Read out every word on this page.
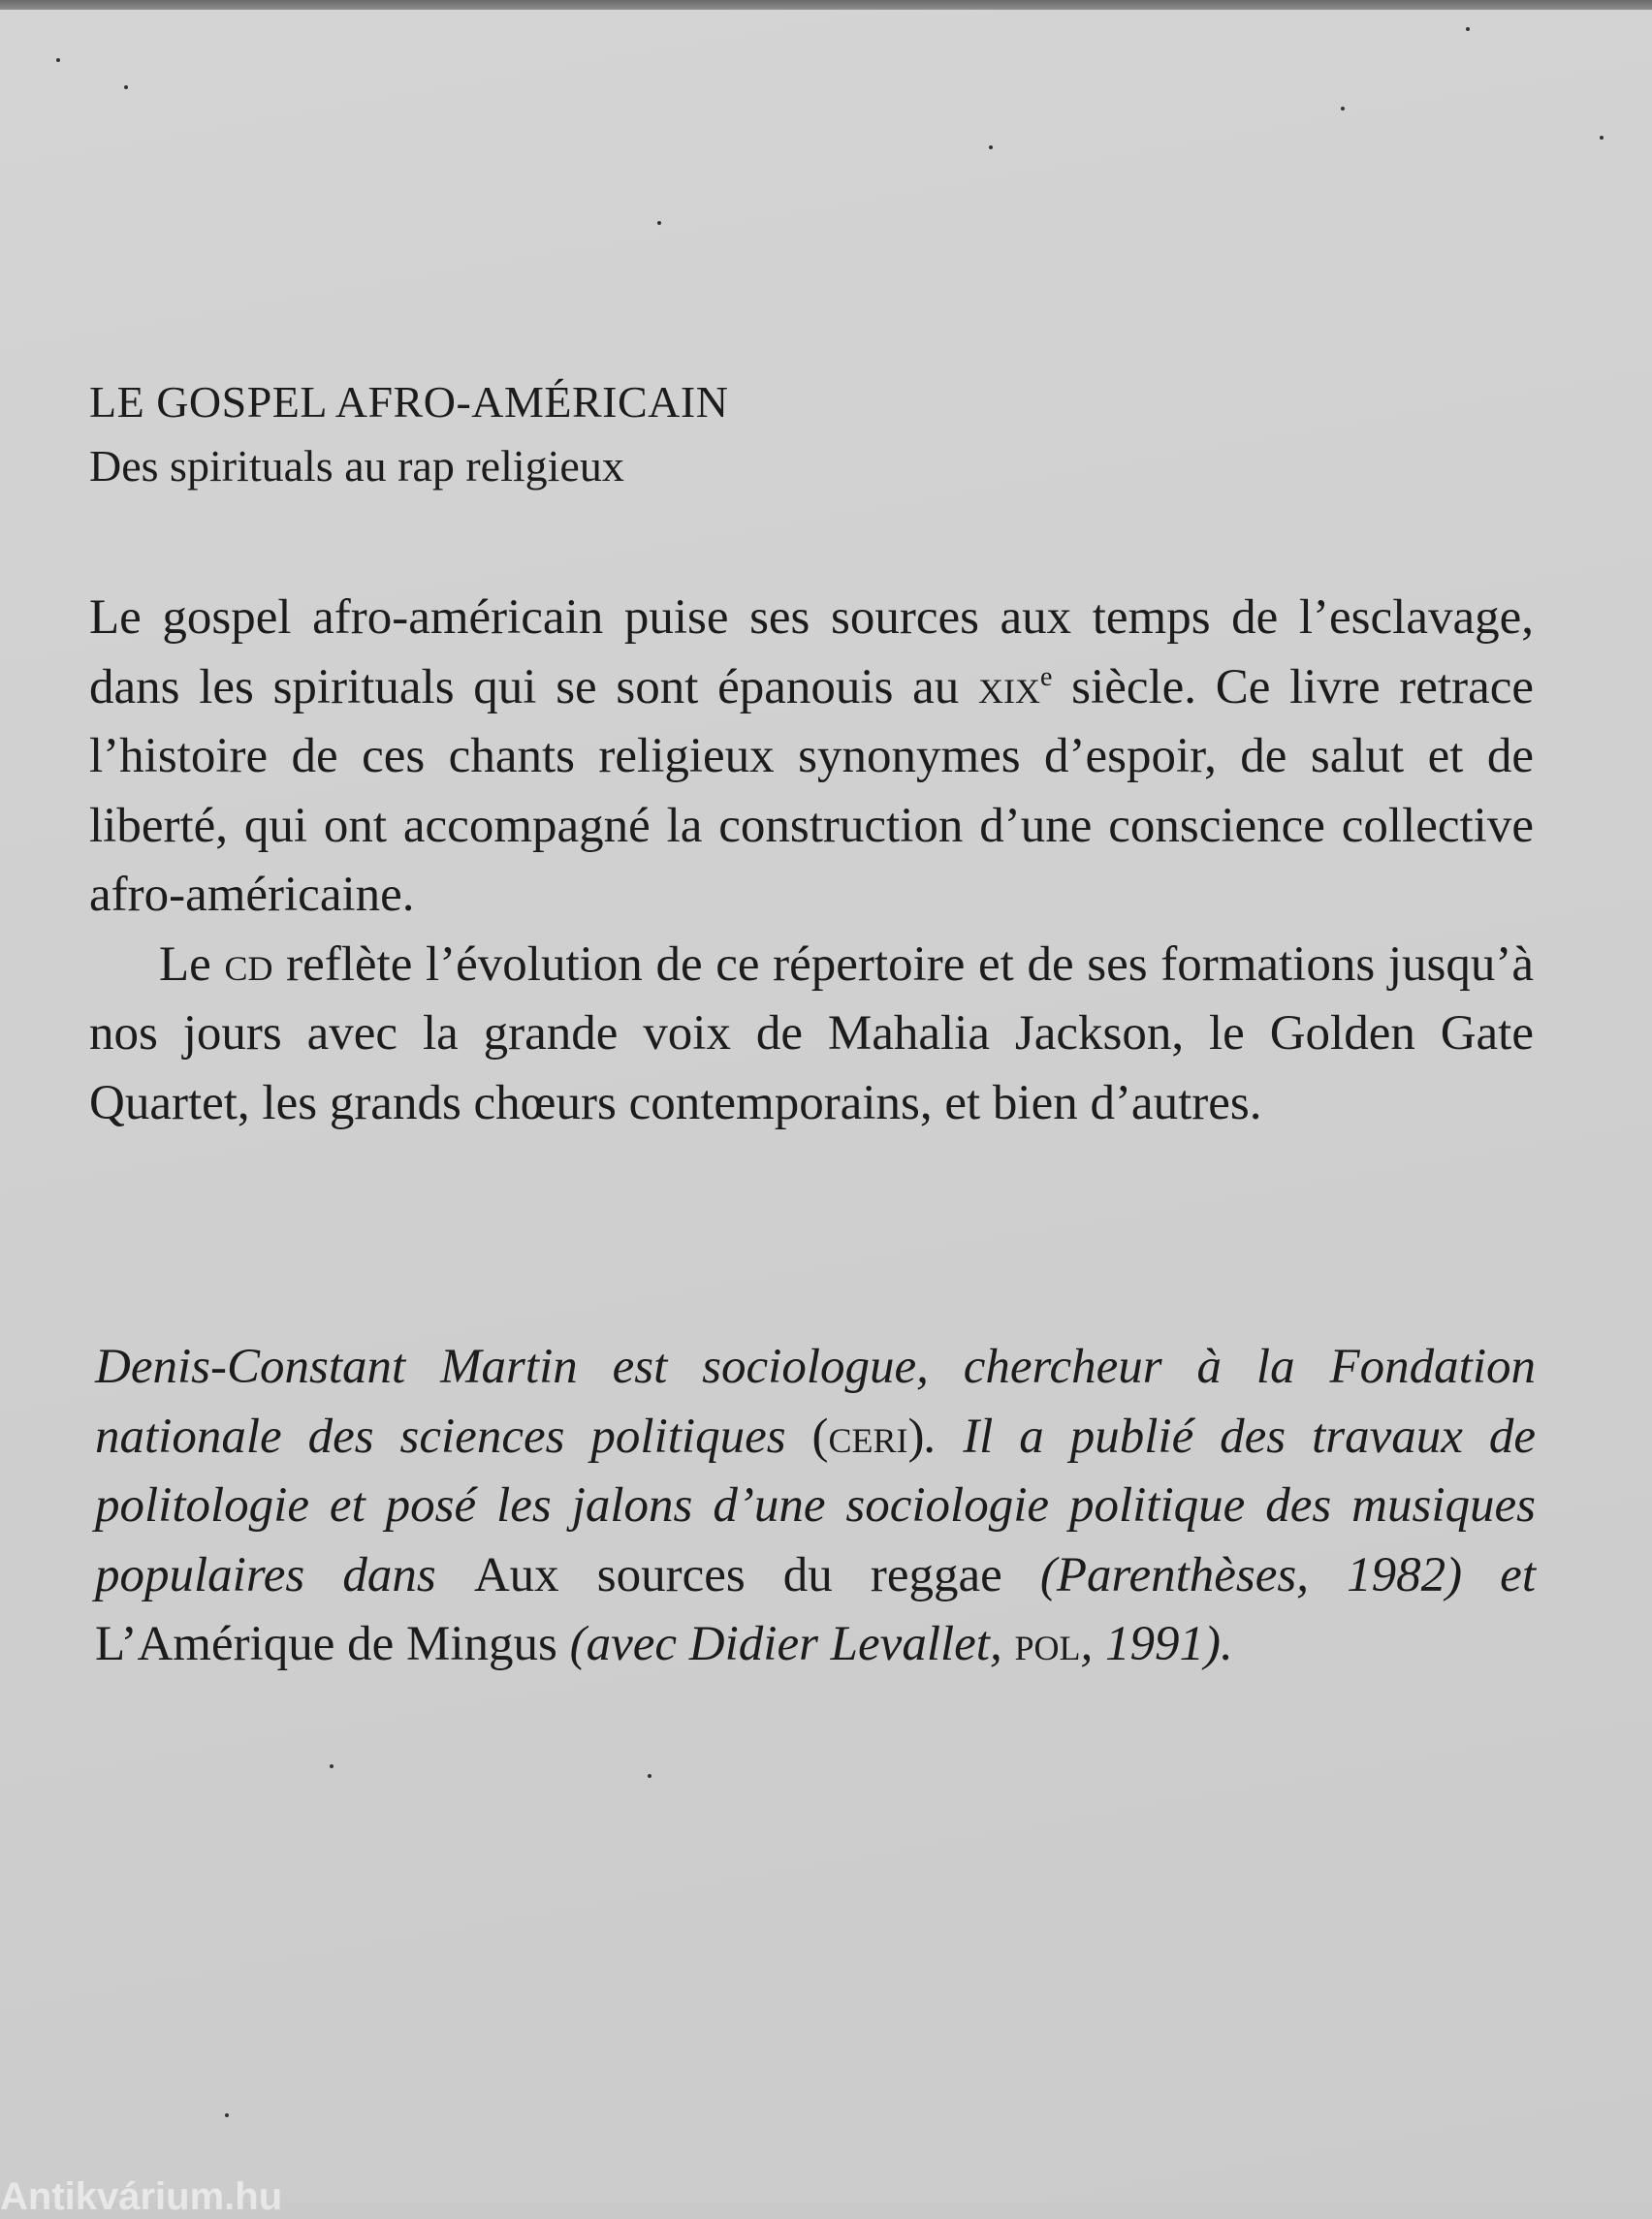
LE GOSPEL AFRO-AMÉRICAIN

Des spirituals au rap religieux

Le gospel afro-américain puise ses sources aux temps de l’esclavage, dans les spirituals qui se sont épanouis au xix$^e$ siècle. Ce livre retrace l’histoire de ces chants religieux synonymes d’espoir, de salut et de liberté, qui ont accompagné la construction d’une conscience collective afro-américaine.

Le cd reflète l’évolution de ce répertoire et de ses formations jusqu’à nos jours avec la grande voix de Mahalia Jackson, le Golden Gate Quartet, les grands chœurs contemporains, et bien d’autres.

Denis-Constant Martin est sociologue, chercheur à la Fondation nationale des sciences politiques (ceri). Il a publié des travaux de politologie et posé les jalons d’une sociologie politique des musiques populaires dans Aux sources du reggae (Parenthèses, 1982) et L’Amérique de Mingus (avec Didier Levallet, pol, 1991).

Antikvárium.hu
